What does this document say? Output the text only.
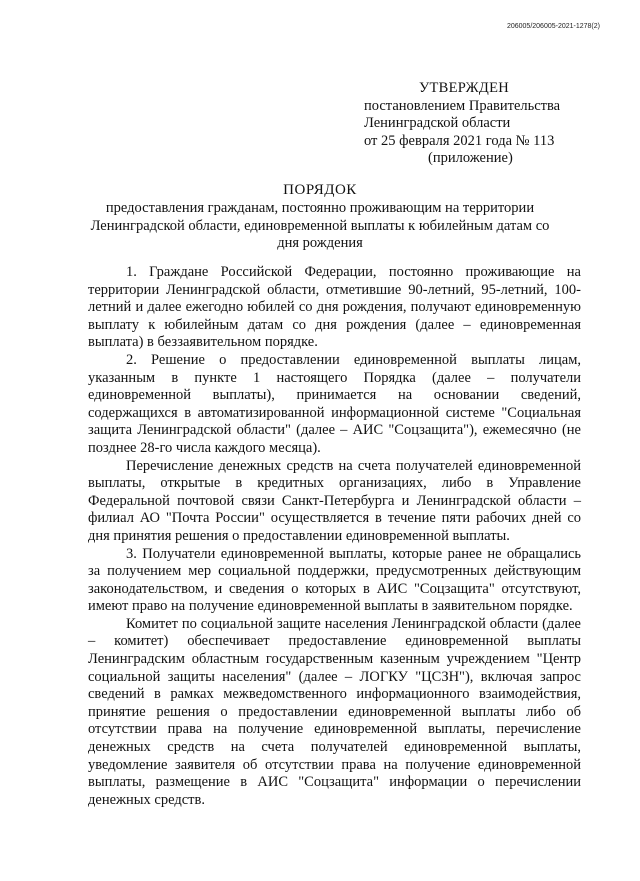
206005/206005-2021-1278(2)
УТВЕРЖДЕН
постановлением Правительства
Ленинградской области
от 25 февраля 2021 года № 113
(приложение)
ПОРЯДОК
предоставления гражданам, постоянно проживающим на территории Ленинградской области, единовременной выплаты к юбилейным датам со дня рождения

1. Граждане Российской Федерации, постоянно проживающие на территории Ленинградской области, отметившие 90-летний, 95-летний, 100-летний и далее ежегодно юбилей со дня рождения, получают единовременную выплату к юбилейным датам со дня рождения (далее – единовременная выплата) в беззаявительном порядке.

2. Решение о предоставлении единовременной выплаты лицам, указанным в пункте 1 настоящего Порядка (далее – получатели единовременной выплаты), принимается на основании сведений, содержащихся в автоматизированной информационной системе "Социальная защита Ленинградской области" (далее – АИС "Соцзащита"), ежемесячно (не позднее 28-го числа каждого месяца).

Перечисление денежных средств на счета получателей единовременной выплаты, открытые в кредитных организациях, либо в Управление Федеральной почтовой связи Санкт-Петербурга и Ленинградской области – филиал АО "Почта России" осуществляется в течение пяти рабочих дней со дня принятия решения о предоставлении единовременной выплаты.

3. Получатели единовременной выплаты, которые ранее не обращались за получением мер социальной поддержки, предусмотренных действующим законодательством, и сведения о которых в АИС "Соцзащита" отсутствуют, имеют право на получение единовременной выплаты в заявительном порядке.

Комитет по социальной защите населения Ленинградской области (далее – комитет) обеспечивает предоставление единовременной выплаты Ленинградским областным государственным казенным учреждением "Центр социальной защиты населения" (далее – ЛОГКУ "ЦСЗН"), включая запрос сведений в рамках межведомственного информационного взаимодействия, принятие решения о предоставлении единовременной выплаты либо об отсутствии права на получение единовременной выплаты, перечисление денежных средств на счета получателей единовременной выплаты, уведомление заявителя об отсутствии права на получение единовременной выплаты, размещение в АИС "Соцзащита" информации о перечислении денежных средств.
